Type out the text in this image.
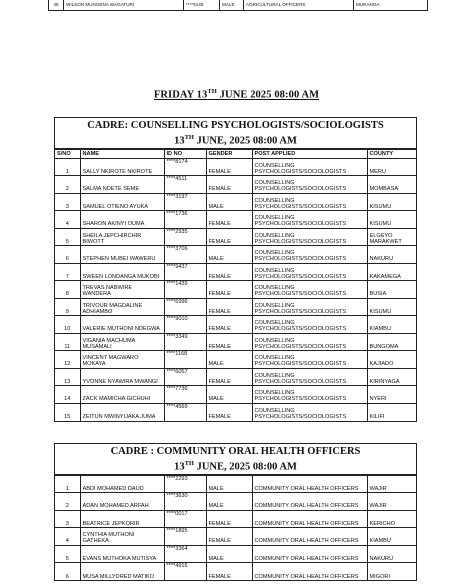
48	WILSON MUNGENA WAGATURI	****9148	MALE	AGRICULTURAL OFFICERS	MURANGA
FRIDAY 13TH JUNE 2025 08:00 AM
CADRE: COUNSELLING PSYCHOLOGISTS/SOCIOLOGISTS
13TH JUNE, 2025 08:00 AM
S/NO	NAME	ID NO	GENDER	POST APPLIED	COUNTY
1	SALLY NKIROTE NKIROTE	****8174	FEMALE	COUNSELLING PSYCHOLOGISTS/SOCIOLOGISTS	MERU
2	SALMA NDETE SEME	****4511	FEMALE	COUNSELLING PSYCHOLOGISTS/SOCIOLOGISTS	MOMBASA
3	SAMUEL OTIENO AYUKA	****3197	MALE	COUNSELLING PSYCHOLOGISTS/SOCIOLOGISTS	KISUMU
4	SHARON AKINYI OUMA	****1736	FEMALE	COUNSELLING PSYCHOLOGISTS/SOCIOLOGISTS	KISUMU
5	SHEILA JEPCHIRCHIR BIWOTT	****2935	FEMALE	COUNSELLING PSYCHOLOGISTS/SOCIOLOGISTS	ELGEYO MARAKWET
6	STEPHEN MUBEI WAWERU	****3706	MALE	COUNSELLING PSYCHOLOGISTS/SOCIOLOGISTS	NAKURU
7	SWEEN LONDANGA MUKOBI	****9437	FEMALE	COUNSELLING PSYCHOLOGISTS/SOCIOLOGISTS	KAKAMEGA
8	TREVAS NABWIRE WANDERA	****1439	FEMALE	COUNSELLING PSYCHOLOGISTS/SOCIOLOGISTS	BUSIA
9	TRIVOUR MAGDALINE ADHIAMBO	****6996	FEMALE	COUNSELLING PSYCHOLOGISTS/SOCIOLOGISTS	KISUMU
10	VALERIE MUTHONI NDEGWA	****9010	FEMALE	COUNSELLING PSYCHOLOGISTS/SOCIOLOGISTS	KIAMBU
11	VIGANIA MACHUMA MUSAMALI	****3349	FEMALE	COUNSELLING PSYCHOLOGISTS/SOCIOLOGISTS	BUNGOMA
12	VINCENT MAGWARO MOKAYA	****1168	MALE	COUNSELLING PSYCHOLOGISTS/SOCIOLOGISTS	KAJIADO
13	YVONNE NYAWIRA MWANGI	****6057	FEMALE	COUNSELLING PSYCHOLOGISTS/SOCIOLOGISTS	KIRINYAGA
14	ZACK MAMICHA GICHUHI	****7736	MALE	COUNSELLING PSYCHOLOGISTS/SOCIOLOGISTS	NYERI
15	ZEITUN MWINYIJAKA JUMA	****4569	FEMALE	COUNSELLING PSYCHOLOGISTS/SOCIOLOGISTS	KILIFI
CADRE : COMMUNITY ORAL HEALTH OFFICERS
13TH JUNE, 2025 08:00 AM
1	ABDI MOHAMED DAUD	****2293	MALE	COMMUNITY ORAL HEALTH OFFICERS	WAJIR
2	ADAN MOHAMED ARFAH	****3630	MALE	COMMUNITY ORAL HEALTH OFFICERS	WAJIR
3	BEATRICE JEPKORIR	****0017	FEMALE	COMMUNITY ORAL HEALTH OFFICERS	KERICHO
4	CYNTHIA MUTHONI GATHEKA	****1895	FEMALE	COMMUNITY ORAL HEALTH OFFICERS	KIAMBU
5	EVANS MUTHOKA MUTISYA	****3364	MALE	COMMUNITY ORAL HEALTH OFFICERS	NAKURU
6	MUSA MILLYDRED MATIKO	****4916	FEMALE	COMMUNITY ORAL HEALTH OFFICERS	MIGORI
